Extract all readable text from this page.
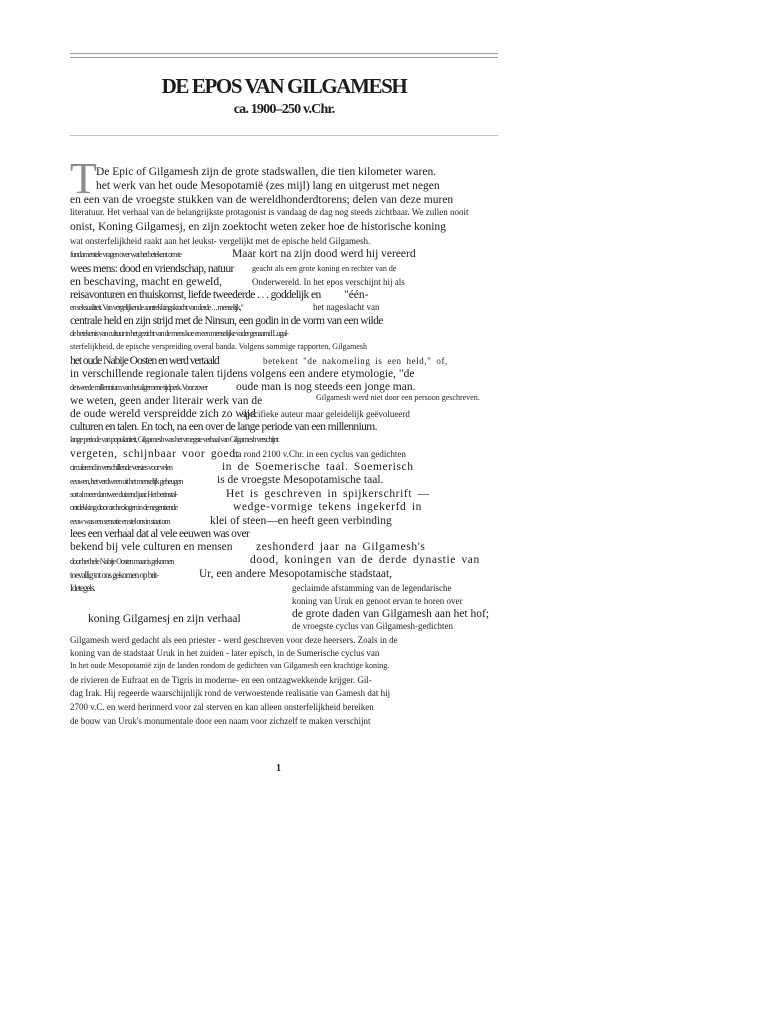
DE EPOS VAN GILGAMESH
ca. 1900–250 v.Chr.
T De Epic of Gilgamesh zijn de grote stadswallen, die tien kilometer waren.
het werk van het oude Mesopotamië (zes mijl) lang en uitgerust met negen
en een van de vroegste stukken van de wereldhonderdtorens; delen van deze muren
literatuur. Het verhaal van de belangrijkste protagonist is vandaag de dag nog steeds zichtbaar. We zullen nooit
onist, Koning Gilgamesj, en zijn zoektocht weten zeker hoe de historische koning
wat onsterfelijkheid raakt aan het leukst- vergelijkt met de epische held Gilgamesh.
fundamentele vragen over wat het betekent om te	Maar kort na zijn dood werd hij vereerd
wees mens: dood en vriendschap, natuur geacht als een grote koning en rechter van de
en beschaving, macht en geweld,	Onderwereld. In het epos verschijnt hij als
reisavonturen en thuiskomst, liefde tweederde . . . goddelijk en "één-
en seksualiteit. Van vergelijkende aantrekkingskracht van derde . . . menselijk,"	het nageslacht van
centrale held en zijn strijd met de Ninsun, een godin in de vorm van een wilde
de betekenis van cultuur in het gezicht van de mens koe en een menselijke vader genaamd Lugal-
sterfelijkheid, de epische verspreiding overal banda. Volgens sommige rapporten, Gilgamesh
het oude Nabije Oosten en werd vertaald	betekent "de nakomeling is een held," of,
in verschillende regionale talen tijdens volgens een andere etymologie, "de
de tweede millennium van het algemene tijdperk. Voor zover	oude man is nog steeds een jonge man.
we weten, geen ander literair werk van de	Gilgamesh werd niet door een persoon geschreven.
de oude wereld verspreidde zich zo wijd
specifieke auteur maar geleidelijk geëvolueerd
culturen en talen. En toch, na een over de lange periode van een millennium.
lange periode van populariteit, Gilgamesh was het vroegste verhaal van Gilgamesh verschijnt
vergeten, schijnbaar voor goed:
na rond 2100 v.Chr. in een cyclus van gedichten
circulerend in verschillende versies voor velen	in de Soemerische taal. Soemerisch
eeuwen, het verdween uit het menselijk geheugen	is de vroegste Mesopotamische taal.
sort al meer dan twee duizend jaar. Het berinstal-	Het is geschreven in spijkerschrift —
ontdekking door archeologen in de negentiende	wedge-vormige tekens ingekerfd in
eeuw was een sensatie en stel ons in staat om	klei of steen—en heeft geen verbinding
lees een verhaal dat al vele eeuwen was over
bekend bij vele culturen en mensen zeshonderd jaar na Gilgamesh's
door het hele Nabije Oosten maar is gekomen	dood, koningen van de derde dynastie van
toevallig tot ons gekomen op brit-	Ur, een andere Mesopotamische stadstaat,
Idetegels.	geclaimde afstamming van de legendarische
koning van Uruk en genoot ervan te horen over
koning Gilgamesj en zijn verhaal	de grote daden van Gilgamesh aan het hof;
de vroegste cyclus van Gilgamesh-gedichten
Gilgamesh werd gedacht als een priester - werd geschreven voor deze heersers. Zoals in de
koning van de stadstaat Uruk in het zuiden - later episch, in de Sumerische cyclus van
In het oude Mesopotamië zijn de landen rondom de gedichten van Gilgamesh een krachtige koning.
de rivieren de Eufraat en de Tigris in moderne- en een ontzagwekkende krijger. Gil-
dag Irak. Hij regeerde waarschijnlijk rond de verwoestende realisatie van Gamesh dat hij
2700 v.C. en werd herinnerd voor zal sterven en kan alleen onsterfelijkheid bereiken
de bouw van Uruk's monumentale door een naam voor zichzelf te maken verschijnt
1
